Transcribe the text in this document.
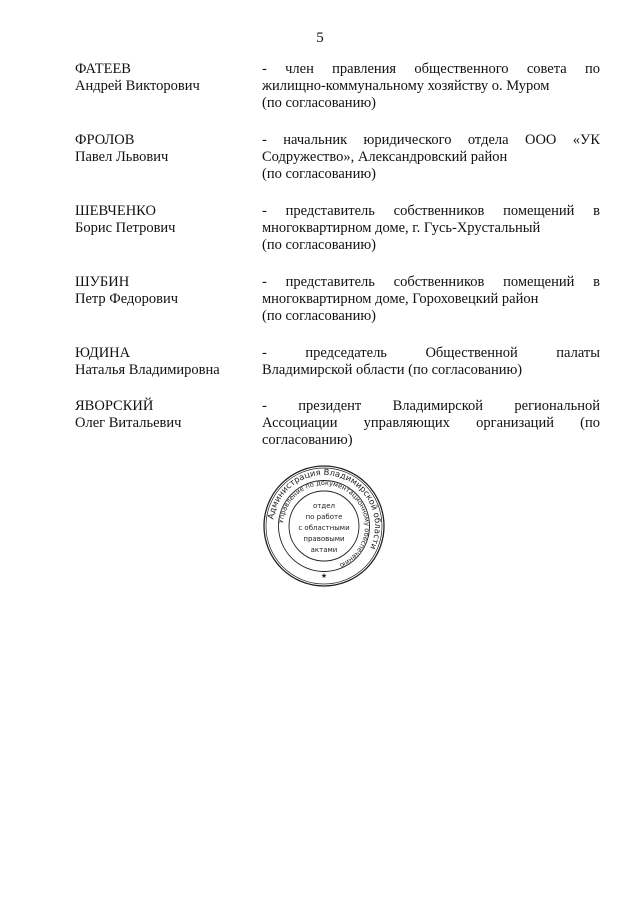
5
ФАТЕЕВ
Андрей Викторович
- член правления общественного совета по
жилищно-коммунальному хозяйству о. Муром
(по согласованию)
ФРОЛОВ
Павел Львович
- начальник юридического отдела ООО «УК
Содружество», Александровский район
(по согласованию)
ШЕВЧЕНКО
Борис Петрович
- представитель собственников помещений в
многоквартирном доме, г. Гусь-Хрустальный
(по согласованию)
ШУБИН
Петр Федорович
- представитель собственников помещений в
многоквартирном доме, Гороховецкий район
(по согласованию)
ЮДИНА
Наталья Владимировна
- председатель Общественной палаты
Владимирской области (по согласованию)
ЯВОРСКИЙ
Олег Витальевич
- президент Владимирской региональной
Ассоциации управляющих организаций (по
согласованию)
Администрация Владимирской области
Управление по документационному обеспечению
отдел
по работе
с областными
правовыми
актами
★
